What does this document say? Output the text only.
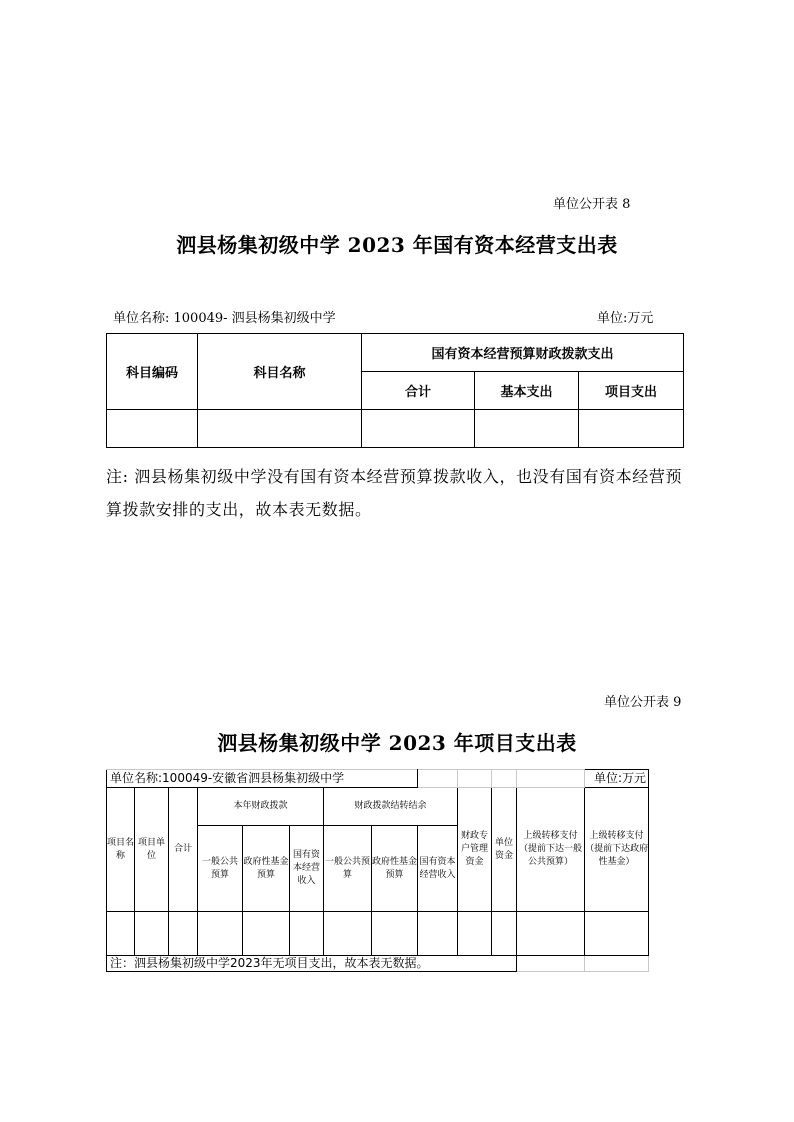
单位公开表 8
泗县杨集初级中学 2023 年国有资本经营支出表
单位名称: 100049- 泗县杨集初级中学	单位:万元
科目编码	科目名称	国有资本经营预算财政拨款支出		
		合计	基本支出	项目支出

注: 泗县杨集初级中学没有国有资本经营预算拨款收入，也没有国有资本经营预算拨款安排的支出，故本表无数据。
单位公开表 9
泗县杨集初级中学 2023 年项目支出表
单位名称:100049-安徽省泗县杨集初级中学												单位:万元
项目名称	项目单位	合计	本年财政拨款			财政拨款结转结余			财政专户管理资金	单位资金	上级转移支付（提前下达一般公共预算）	上级转移支付（提前下达政府性基金）
			一般公共预算	政府性基金预算	国有资本经营收入	一般公共预算	政府性基金预算	国有资本经营收入				

注：泗县杨集初级中学2023年无项目支出，故本表无数据。												
